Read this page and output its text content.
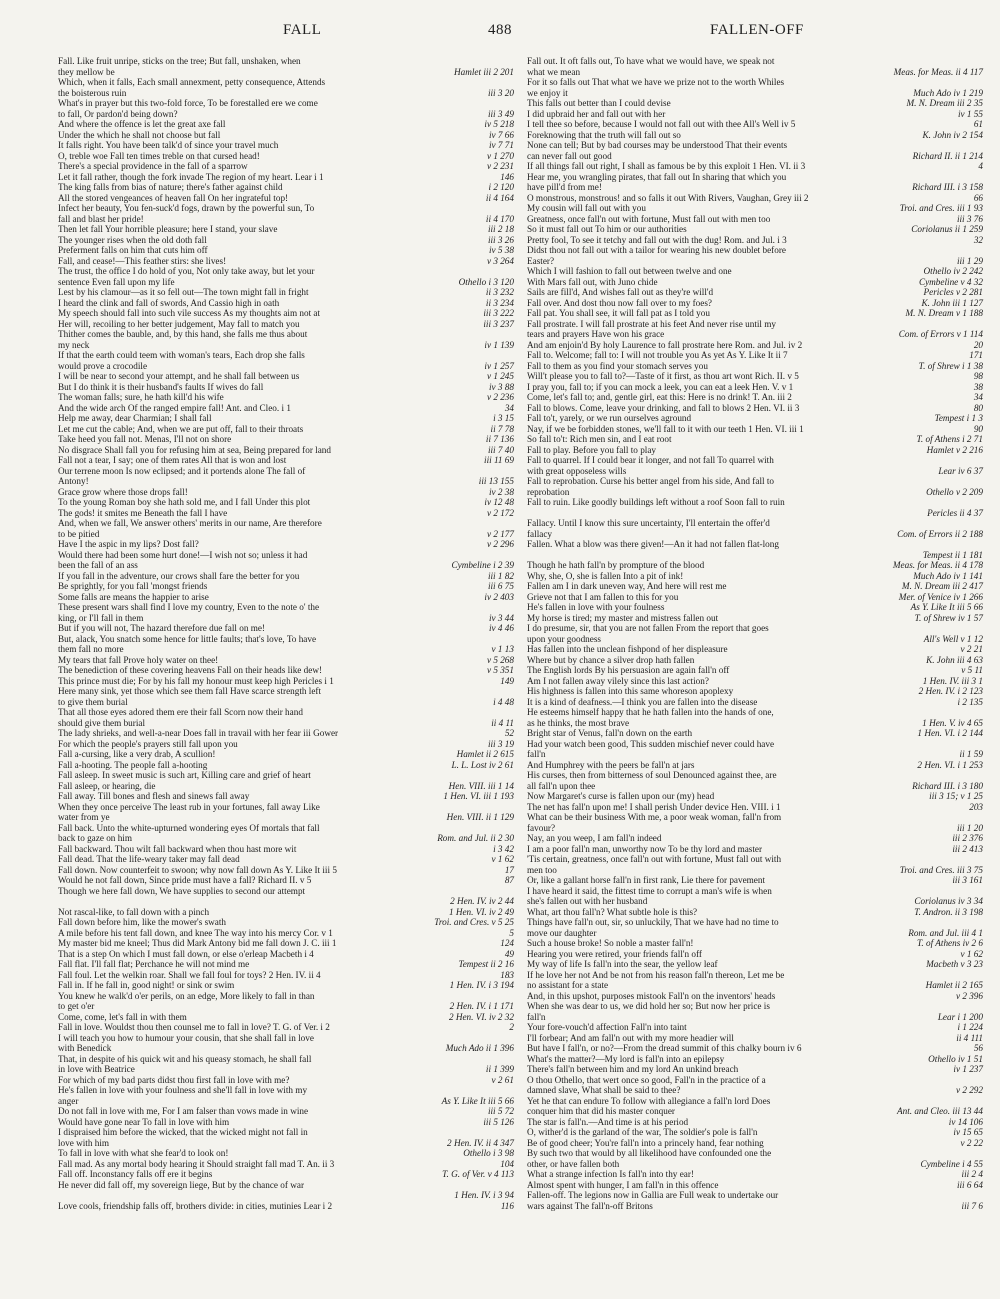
FALL	488	FALLEN-OFF
Fall. Like fruit unripe, sticks on the tree; But fall, unshaken, when
they mellow be	Hamlet iii 2 201
Which, when it falls, Each small annexment, petty consequence, Attends
the boisterous ruin	iii 3 20
What's in prayer but this two-fold force, To be forestalled ere we come
to fall, Or pardon'd being down?	iii 3 49
And where the offence is let the great axe fall	iv 5 218
Under the which he shall not choose but fall	iv 7 66
It falls right. You have been talk'd of since your travel much	iv 7 71
O, treble woe Fall ten times treble on that cursed head!	v 1 270
There's a special providence in the fall of a sparrow	v 2 231
Let it fall rather, though the fork invade The region of my heart. Lear i 1	146
The king falls from bias of nature; there's father against child	i 2 120
All the stored vengeances of heaven fall On her ingrateful top!	ii 4 164
Infect her beauty, You fen-suck'd fogs, drawn by the powerful sun, To
fall and blast her pride!	ii 4 170
Then let fall Your horrible pleasure; here I stand, your slave	iii 2 18
The younger rises when the old doth fall	iii 3 26
Preferment falls on him that cuts him off	iv 5 38
Fall, and cease!—This feather stirs: she lives!	v 3 264
The trust, the office I do hold of you, Not only take away, but let your
sentence Even fall upon my life	Othello i 3 120
Lest by his clamour—as it so fell out—The town might fall in fright	ii 3 232
I heard the clink and fall of swords, And Cassio high in oath	ii 3 234
My speech should fall into such vile success As my thoughts aim not at	iii 3 222
Her will, recoiling to her better judgement, May fall to match you	iii 3 237
Thither comes the bauble, and, by this hand, she falls me thus about
my neck	iv 1 139
If that the earth could teem with woman's tears, Each drop she falls
would prove a crocodile	iv 1 257
I will be near to second your attempt, and he shall fall between us	v 1 245
But I do think it is their husband's faults If wives do fall	iv 3 88
The woman falls; sure, he hath kill'd his wife	v 2 236
And the wide arch Of the ranged empire fall! Ant. and Cleo. i 1	34
Help me away, dear Charmian; I shall fall	i 3 15
Let me cut the cable; And, when we are put off, fall to their throats	ii 7 78
Take heed you fall not. Menas, I'll not on shore	ii 7 136
No disgrace Shall fall you for refusing him at sea, Being prepared for land	iii 7 40
Fall not a tear, I say; one of them rates All that is won and lost	iii 11 69
Our terrene moon Is now eclipsed; and it portends alone The fall of
Antony!	iii 13 155
Grace grow where those drops fall!	iv 2 38
To the young Roman boy she hath sold me, and I fall Under this plot	iv 12 48
The gods! it smites me Beneath the fall I have	v 2 172
And, when we fall, We answer others' merits in our name, Are therefore
to be pitied	v 2 177
Have I the aspic in my lips? Dost fall?	v 2 296
Would there had been some hurt done!—I wish not so; unless it had
been the fall of an ass	Cymbeline i 2 39
If you fall in the adventure, our crows shall fare the better for you	iii 1 82
Be sprightly, for you fall 'mongst friends	iii 6 75
Some falls are means the happier to arise	iv 2 403
These present wars shall find I love my country, Even to the note o' the
king, or I'll fall in them	iv 3 44
But if you will not, The hazard therefore due fall on me!	iv 4 46
But, alack, You snatch some hence for little faults; that's love, To have
them fall no more	v 1 13
My tears that fall Prove holy water on thee!	v 5 268
The benediction of these covering heavens Fall on their heads like dew!	v 5 351
This prince must die; For by his fall my honour must keep high Pericles i 1	149
Here many sink, yet those which see them fall Have scarce strength left
to give them burial	i 4 48
That all those eyes adored them ere their fall Scorn now their hand
should give them burial	ii 4 11
The lady shrieks, and well-a-near Does fall in travail with her fear iii Gower	52
For which the people's prayers still fall upon you	iii 3 19
Fall a-cursing, like a very drab, A scullion!	Hamlet ii 2 615
Fall a-hooting. The people fall a-hooting	L. L. Lost iv 2 61
Fall asleep. In sweet music is such art, Killing care and grief of heart
Fall asleep, or hearing, die	Hen. VIII. iii 1 14
Fall away. Till bones and flesh and sinews fall away	1 Hen. VI. iii 1 193
When they once perceive The least rub in your fortunes, fall away Like
water from ye	Hen. VIII. ii 1 129
Fall back. Unto the white-upturned wondering eyes Of mortals that fall
back to gaze on him	Rom. and Jul. ii 2 30
Fall backward. Thou wilt fall backward when thou hast more wit	i 3 42
Fall dead. That the life-weary taker may fall dead	v 1 62
Fall down. Now counterfeit to swoon; why now fall down As Y. Like It iii 5	17
Would he not fall down, Since pride must have a fall? Richard II. v 5	87
Though we here fall down, We have supplies to second our attempt
2 Hen. IV. iv 2 44
Not rascal-like, to fall down with a pinch	1 Hen. VI. iv 2 49
Fall down before him, like the mower's swath	Troi. and Cres. v 5 25
A mile before his tent fall down, and knee The way into his mercy Cor. v 1	5
My master bid me kneel; Thus did Mark Antony bid me fall down J. C. iii 1	124
That is a step On which I must fall down, or else o'erleap Macbeth i 4	49
Fall flat. I'll fall flat; Perchance he will not mind me	Tempest ii 2 16
Fall foul. Let the welkin roar. Shall we fall foul for toys? 2 Hen. IV. ii 4	183
Fall in. If he fall in, good night! or sink or swim	1 Hen. IV. i 3 194
You knew he walk'd o'er perils, on an edge, More likely to fall in than
to get o'er	2 Hen. IV. i 1 171
Come, come, let's fall in with them	2 Hen. VI. iv 2 32
Fall in love. Wouldst thou then counsel me to fall in love? T. G. of Ver. i 2	2
I will teach you how to humour your cousin, that she shall fall in love
with Benedick	Much Ado ii 1 396
That, in despite of his quick wit and his queasy stomach, he shall fall
in love with Beatrice	ii 1 399
For which of my bad parts didst thou first fall in love with me?	v 2 61
He's fallen in love with your foulness and she'll fall in love with my
anger	As Y. Like It iii 5 66
Do not fall in love with me, For I am falser than vows made in wine	iii 5 72
Would have gone near To fall in love with him	iii 5 126
I dispraised him before the wicked, that the wicked might not fall in
love with him	2 Hen. IV. ii 4 347
To fall in love with what she fear'd to look on!	Othello i 3 98
Fall mad. As any mortal body hearing it Should straight fall mad T. An. ii 3	104
Fall off. Inconstancy falls off ere it begins	T. G. of Ver. v 4 113
He never did fall off, my sovereign liege, But by the chance of war
1 Hen. IV. i 3 94
Love cools, friendship falls off, brothers divide: in cities, mutinies Lear i 2	116
Fall out. It oft falls out, To have what we would have, we speak not
what we mean	Meas. for Meas. ii 4 117
For it so falls out That what we have we prize not to the worth Whiles
we enjoy it	Much Ado iv 1 219
This falls out better than I could devise	M. N. Dream iii 2 35
I did upbraid her and fall out with her	iv 1 55
I tell thee so before, because I would not fall out with thee All's Well iv 5	61
Foreknowing that the truth will fall out so	K. John iv 2 154
None can tell; But by bad courses may be understood That their events
can never fall out good	Richard II. ii 1 214
If all things fall out right, I shall as famous be by this exploit 1 Hen. VI. ii 3	4
Hear me, you wrangling pirates, that fall out In sharing that which you
have pill'd from me!	Richard III. i 3 158
O monstrous, monstrous! and so falls it out With Rivers, Vaughan, Grey iii 2	66
My cousin will fall out with you	Troi. and Cres. iii 1 93
Greatness, once fall'n out with fortune, Must fall out with men too	iii 3 76
So it must fall out To him or our authorities	Coriolanus ii 1 259
Pretty fool, To see it tetchy and fall out with the dug! Rom. and Jul. i 3	32
Didst thou not fall out with a tailor for wearing his new doublet before
Easter?	iii 1 29
Which I will fashion to fall out between twelve and one	Othello iv 2 242
With Mars fall out, with Juno chide	Cymbeline v 4 32
Sails are fill'd, And wishes fall out as they're will'd	Pericles v 2 281
Fall over. And dost thou now fall over to my foes?	K. John iii 1 127
Fall pat. You shall see, it will fall pat as I told you	M. N. Dream v 1 188
Fall prostrate. I will fall prostrate at his feet And never rise until my
tears and prayers Have won his grace	Com. of Errors v 1 114
And am enjoin'd By holy Laurence to fall prostrate here Rom. and Jul. iv 2	20
Fall to. Welcome; fall to: I will not trouble you As yet As Y. Like It ii 7	171
Fall to them as you find your stomach serves you	T. of Shrew i 1 38
Will't please you to fall to?—Taste of it first, as thou art wont Rich. II. v 5	98
I pray you, fall to; if you can mock a leek, you can eat a leek Hen. V. v 1	38
Come, let's fall to; and, gentle girl, eat this: Here is no drink! T. An. iii 2	34
Fall to blows. Come, leave your drinking, and fall to blows 2 Hen. VI. ii 3	80
Fall to't, yarely, or we run ourselves aground	Tempest i 1 3
Nay, if we be forbidden stones, we'll fall to it with our teeth 1 Hen. VI. iii 1	90
So fall to't: Rich men sin, and I eat root	T. of Athens i 2 71
Fall to play. Before you fall to play	Hamlet v 2 216
Fall to quarrel. If I could bear it longer, and not fall To quarrel with
with great opposeless wills	Lear iv 6 37
Fall to reprobation. Curse his better angel from his side, And fall to
reprobation	Othello v 2 209
Fall to ruin. Like goodly buildings left without a roof Soon fall to ruin
Pericles ii 4 37
Fallacy. Until I know this sure uncertainty, I'll entertain the offer'd
fallacy	Com. of Errors ii 2 188
Fallen. What a blow was there given!—An it had not fallen flat-long
Tempest ii 1 181
Though he hath fall'n by prompture of the blood	Meas. for Meas. ii 4 178
Why, she, O, she is fallen Into a pit of ink!	Much Ado iv 1 141
Fallen am I in dark uneven way, And here will rest me	M. N. Dream iii 2 417
Grieve not that I am fallen to this for you	Mer. of Venice iv 1 266
He's fallen in love with your foulness	As Y. Like It iii 5 66
My horse is tired; my master and mistress fallen out	T. of Shrew iv 1 57
I do presume, sir, that you are not fallen From the report that goes
upon your goodness	All's Well v 1 12
Has fallen into the unclean fishpond of her displeasure	v 2 21
Where but by chance a silver drop hath fallen	K. John iii 4 63
The English lords By his persuasion are again fall'n off	v 5 11
Am I not fallen away vilely since this last action?	1 Hen. IV. iii 3 1
His highness is fallen into this same whoreson apoplexy	2 Hen. IV. i 2 123
It is a kind of deafness.—I think you are fallen into the disease	i 2 135
He esteems himself happy that he hath fallen into the hands of one,
as he thinks, the most brave	1 Hen. V. iv 4 65
Bright star of Venus, fall'n down on the earth	1 Hen. VI. i 2 144
Had your watch been good, This sudden mischief never could have
fall'n	ii 1 59
And Humphrey with the peers be fall'n at jars	2 Hen. VI. i 1 253
His curses, then from bitterness of soul Denounced against thee, are
all fall'n upon thee	Richard III. i 3 180
Now Margaret's curse is fallen upon our (my) head	iii 3 15; v 1 25
The net has fall'n upon me! I shall perish Under device Hen. VIII. i 1	203
What can be their business With me, a poor weak woman, fall'n from
favour?	iii 1 20
Nay, an you weep, I am fall'n indeed	iii 2 376
I am a poor fall'n man, unworthy now To be thy lord and master	iii 2 413
'Tis certain, greatness, once fall'n out with fortune, Must fall out with
men too	Troi. and Cres. iii 3 75
Or, like a gallant horse fall'n in first rank, Lie there for pavement	iii 3 161
I have heard it said, the fittest time to corrupt a man's wife is when
she's fallen out with her husband	Coriolanus iv 3 34
What, art thou fall'n? What subtle hole is this?	T. Andron. ii 3 198
Things have fall'n out, sir, so unluckily, That we have had no time to
move our daughter	Rom. and Jul. iii 4 1
Such a house broke! So noble a master fall'n!	T. of Athens iv 2 6
Hearing you were retired, your friends fall'n off	v 1 62
My way of life Is fall'n into the sear, the yellow leaf	Macbeth v 3 23
If he love her not And be not from his reason fall'n thereon, Let me be
no assistant for a state	Hamlet ii 2 165
And, in this upshot, purposes mistook Fall'n on the inventors' heads	v 2 396
When she was dear to us, we did hold her so; But now her price is
fall'n	Lear i 1 200
Your fore-vouch'd affection Fall'n into taint	i 1 224
I'll forbear; And am fall'n out with my more headier will	ii 4 111
But have I fall'n, or no?—From the dread summit of this chalky bourn iv 6	56
What's the matter?—My lord is fall'n into an epilepsy	Othello iv 1 51
There's fall'n between him and my lord An unkind breach	iv 1 237
O thou Othello, that wert once so good, Fall'n in the practice of a
damned slave, What shall be said to thee?	v 2 292
Yet he that can endure To follow with allegiance a fall'n lord Does
conquer him that did his master conquer	Ant. and Cleo. iii 13 44
The star is fall'n.—And time is at his period	iv 14 106
O, wither'd is the garland of the war, The soldier's pole is fall'n	iv 15 65
Be of good cheer; You're fall'n into a princely hand, fear nothing	v 2 22
By such two that would by all likelihood have confounded one the
other, or have fallen both	Cymbeline i 4 55
What a strange infection Is fall'n into thy ear!	iii 2 4
Almost spent with hunger, I am fall'n in this offence	iii 6 64
Fallen-off. The legions now in Gallia are Full weak to undertake our
wars against The fall'n-off Britons	iii 7 6
